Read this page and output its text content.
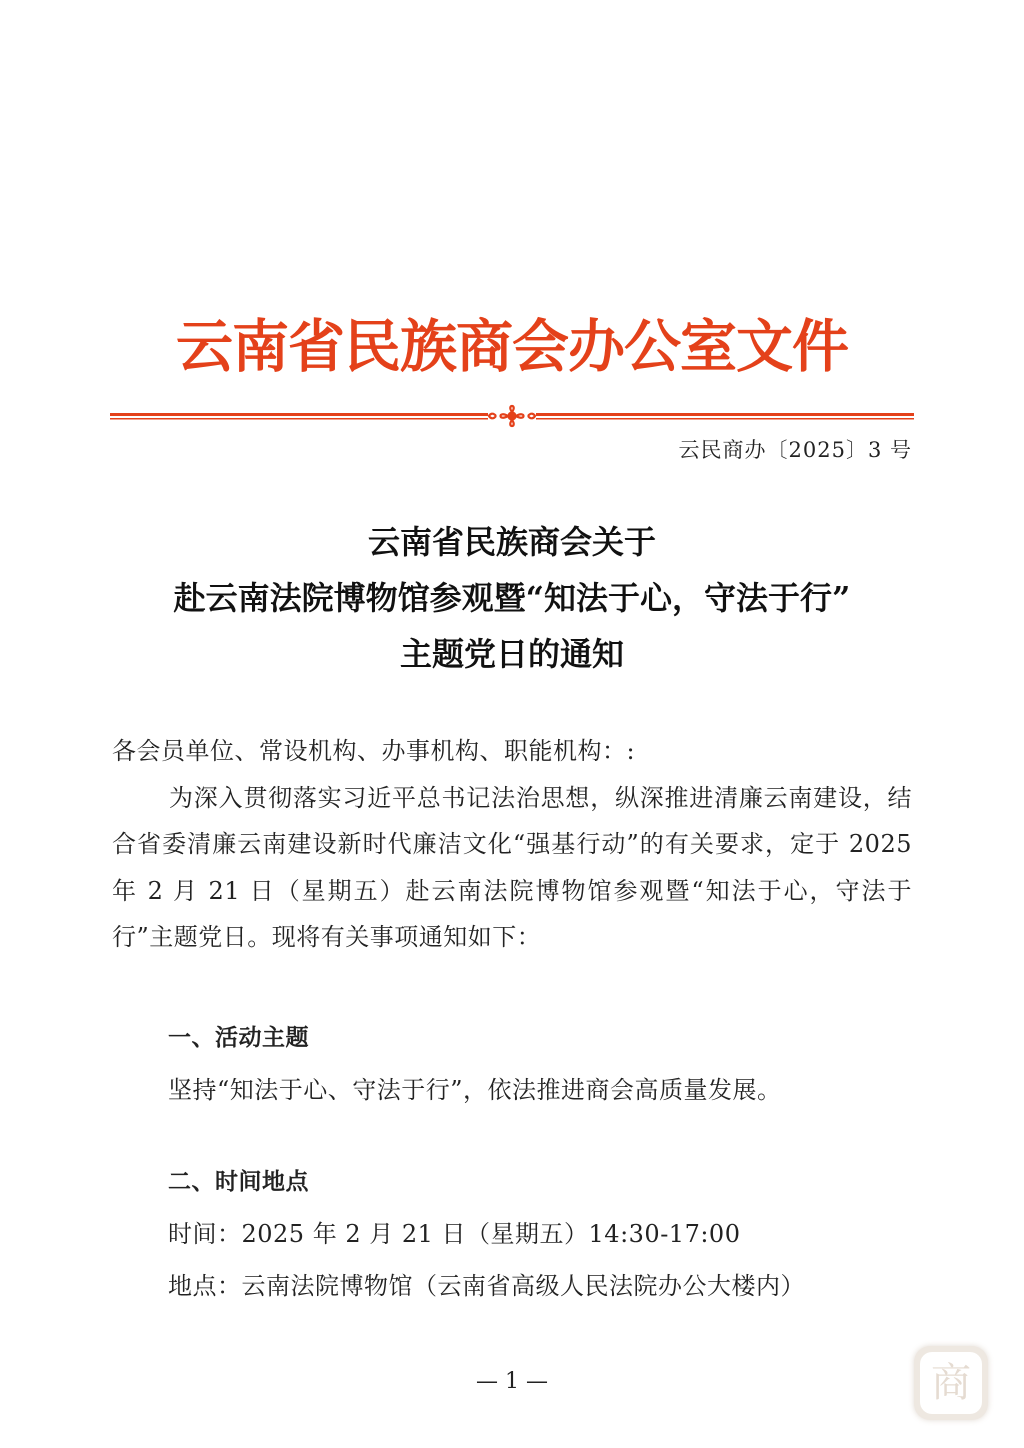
云南省民族商会办公室文件
云民商办〔2025〕3 号
云南省民族商会关于
赴云南法院博物馆参观暨“知法于心，守法于行”
主题党日的通知

各会员单位、常设机构、办事机构、职能机构：:

为深入贯彻落实习近平总书记法治思想，纵深推进清廉云南建设，结合省委清廉云南建设新时代廉洁文化“强基行动”的有关要求，定于 2025 年 2 月 21 日（星期五）赴云南法院博物馆参观暨“知法于心，守法于行”主题党日。现将有关事项通知如下：

一、活动主题
坚持“知法于心、守法于行”，依法推进商会高质量发展。
二、时间地点
时间：2025 年 2 月 21 日（星期五）14:30-17:00
地点：云南法院博物馆（云南省高级人民法院办公大楼内）
— 1 —	商
